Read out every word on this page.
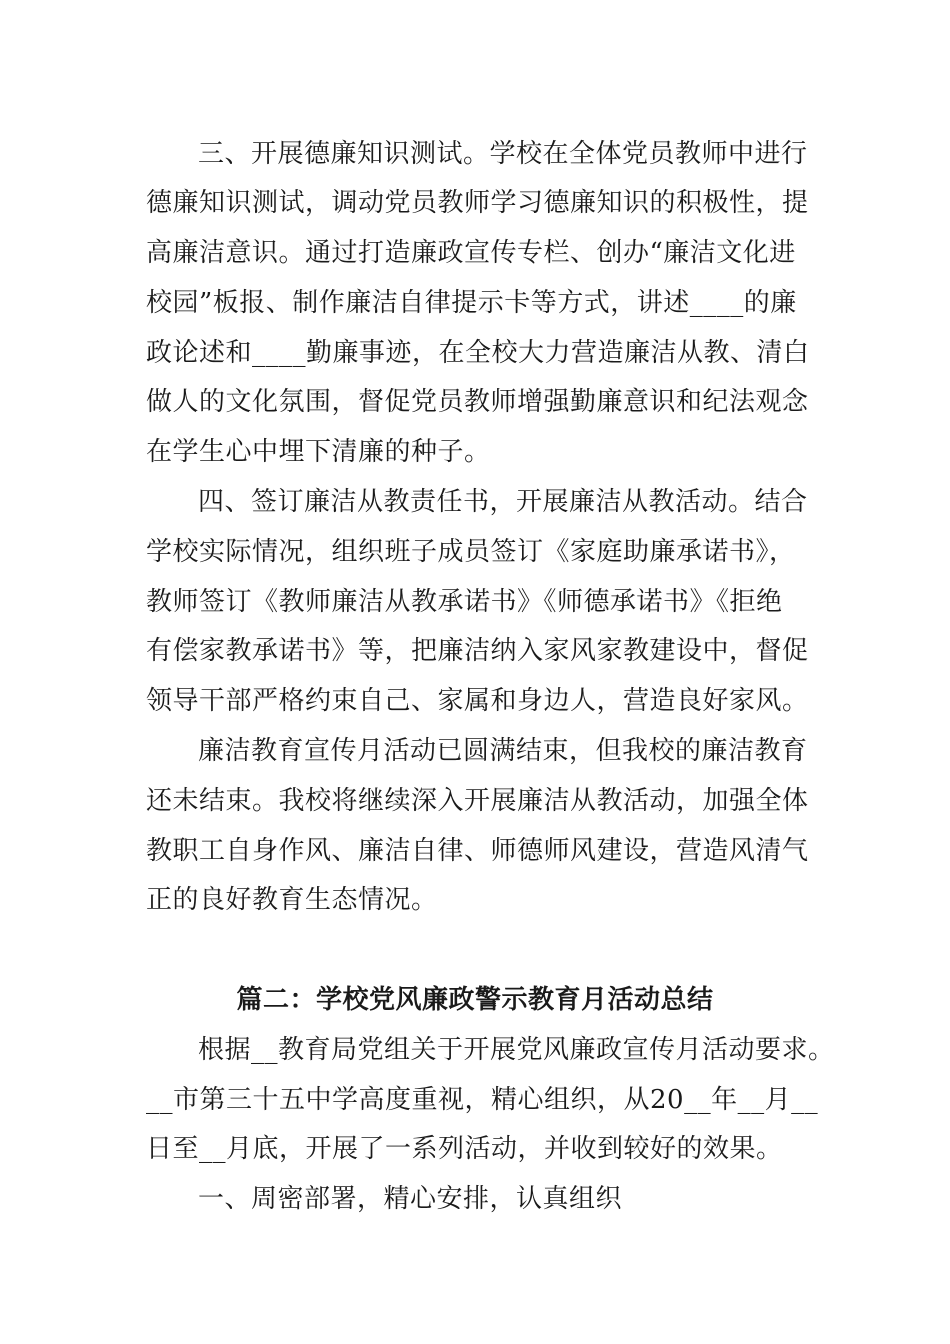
三、开展德廉知识测试。学校在全体党员教师中进行
德廉知识测试，调动党员教师学习德廉知识的积极性，提
高廉洁意识。通过打造廉政宣传专栏、创办“廉洁文化进
校园”板报、制作廉洁自律提示卡等方式，讲述____的廉
政论述和____勤廉事迹，在全校大力营造廉洁从教、清白
做人的文化氛围，督促党员教师增强勤廉意识和纪法观念
在学生心中埋下清廉的种子。
四、签订廉洁从教责任书，开展廉洁从教活动。结合
学校实际情况，组织班子成员签订《家庭助廉承诺书》，
教师签订《教师廉洁从教承诺书》《师德承诺书》《拒绝
有偿家教承诺书》等，把廉洁纳入家风家教建设中，督促
领导干部严格约束自己、家属和身边人，营造良好家风。
廉洁教育宣传月活动已圆满结束，但我校的廉洁教育
还未结束。我校将继续深入开展廉洁从教活动，加强全体
教职工自身作风、廉洁自律、师德师风建设，营造风清气
正的良好教育生态情况。
篇二：学校党风廉政警示教育月活动总结
根据__教育局党组关于开展党风廉政宣传月活动要求。
__市第三十五中学高度重视，精心组织，从20__年__月__
日至__月底，开展了一系列活动，并收到较好的效果。
一、周密部署，精心安排，认真组织
